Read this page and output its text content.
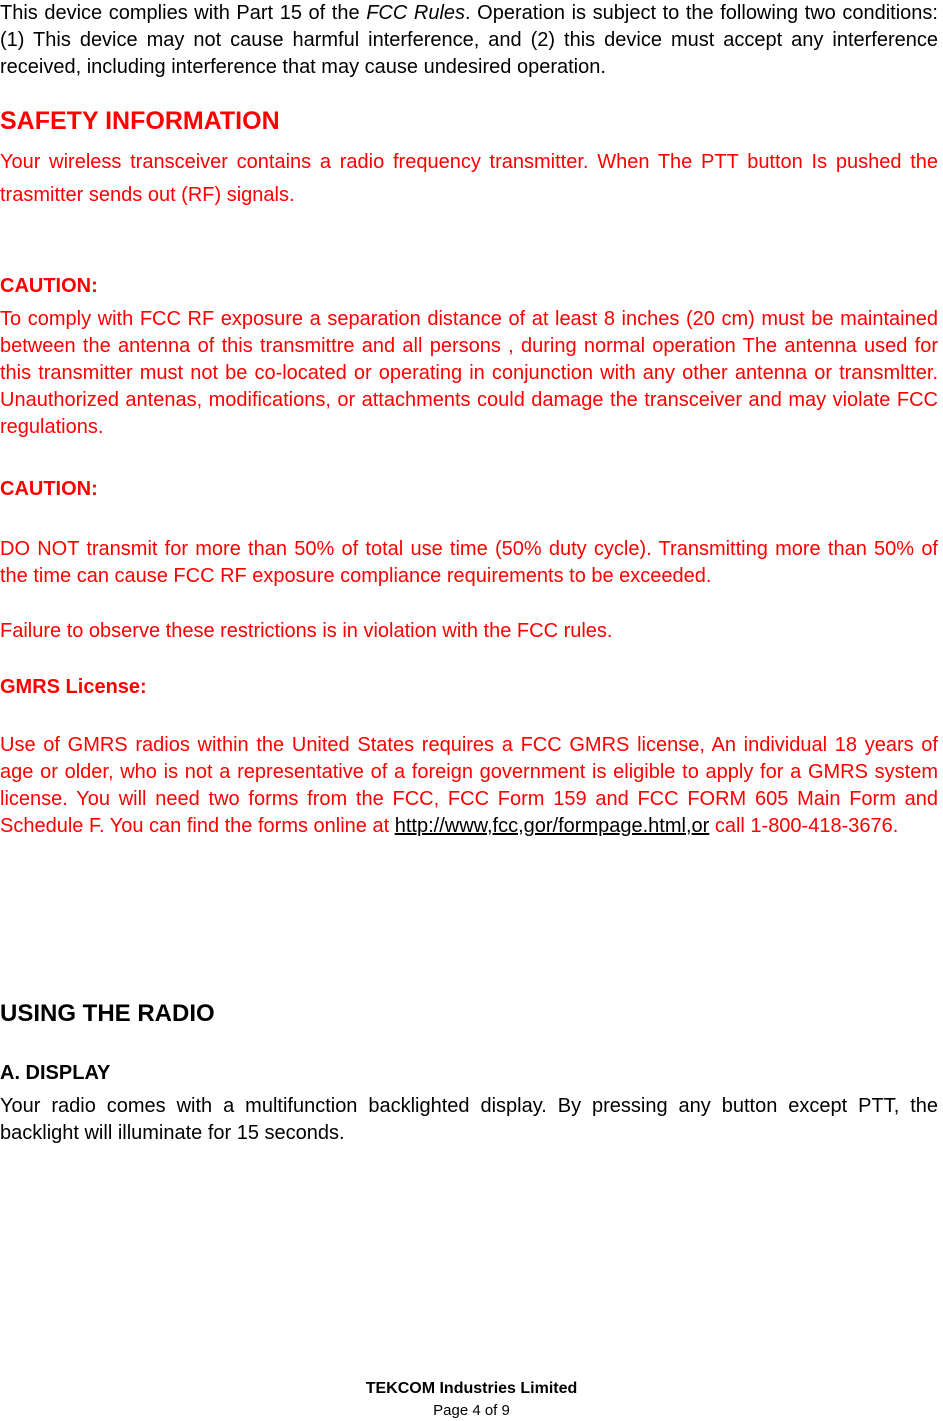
This device complies with Part 15 of the FCC Rules. Operation is subject to the following two conditions: (1) This device may not cause harmful interference, and (2) this device must accept any interference received, including interference that may cause undesired operation.

SAFETY INFORMATION

Your wireless transceiver contains a radio frequency transmitter. When The PTT button Is pushed the trasmitter sends out (RF) signals.

CAUTION:

To comply with FCC RF exposure a separation distance of at least 8 inches (20 cm) must be maintained between the antenna of this transmittre and all persons , during normal operation The antenna used for this transmitter must not be co-located or operating in conjunction with any other antenna or transmltter. Unauthorized antenas, modifications, or attachments could damage the transceiver and may violate FCC regulations.

CAUTION:

DO NOT transmit for more than 50% of total use time (50% duty cycle). Transmitting more than 50% of the time can cause FCC RF exposure compliance requirements to be exceeded.

Failure to observe these restrictions is in violation with the FCC rules.

GMRS License:

Use of GMRS radios within the United States requires a FCC GMRS license, An individual 18 years of age or older, who is not a representative of a foreign government is eligible to apply for a GMRS system license. You will need two forms from the FCC, FCC Form 159 and FCC FORM 605 Main Form and Schedule F. You can find the forms online at http://www,fcc,gor/formpage.html,or call 1-800-418-3676.

USING THE RADIO
A. DISPLAY

Your radio comes with a multifunction backlighted display. By pressing any button except PTT, the backlight will illuminate for 15 seconds.

TEKCOM Industries Limited
Page 4 of 9
